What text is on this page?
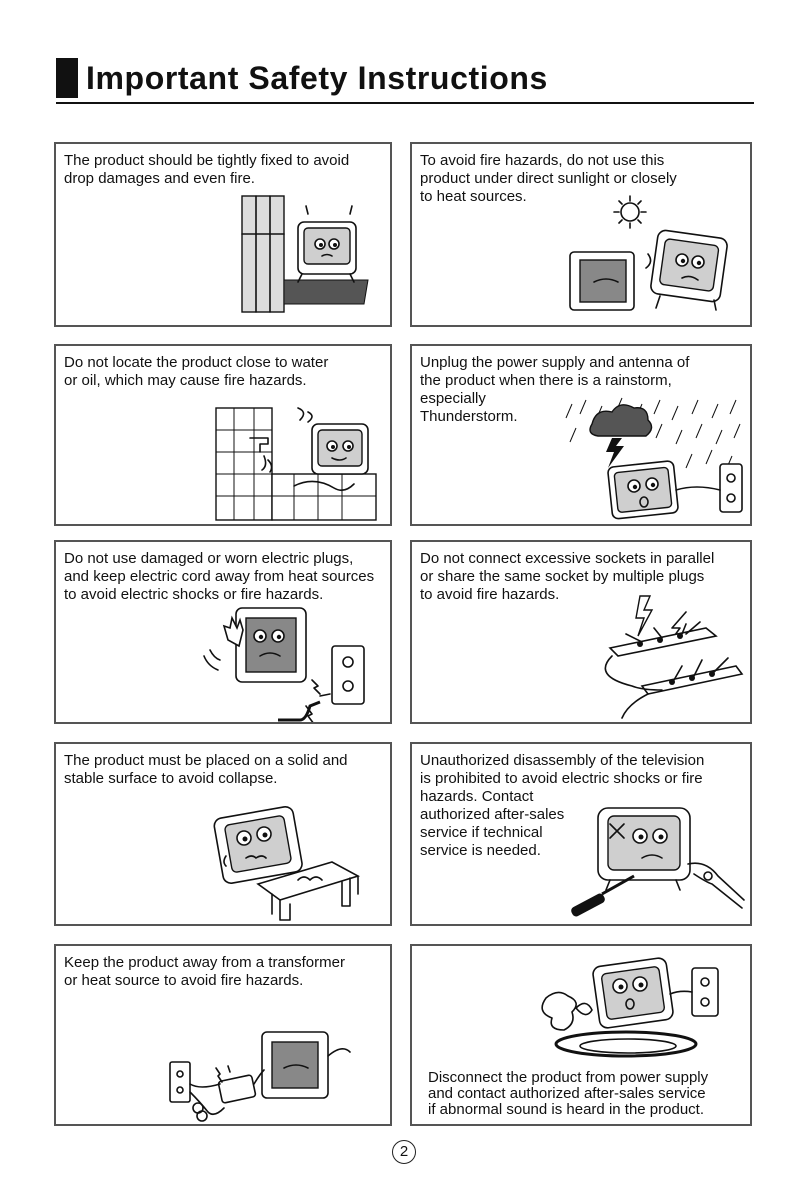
Important Safety Instructions
The product should be tightly fixed to avoid
drop damages and even fire.
To avoid fire hazards, do not use this
product under direct sunlight or closely
to heat sources.
Do not locate the product close to water
or oil, which may cause fire hazards.
Unplug the power supply and antenna of
the product when there is a rainstorm,
especially
Thunderstorm.
Do not use damaged or worn electric plugs,
and keep electric cord away from heat sources
to avoid electric shocks or fire hazards.
Do not connect excessive sockets in parallel
or share the same socket by multiple plugs
to avoid fire hazards.
The product must be placed on a solid and
stable surface to avoid collapse.
Unauthorized disassembly of the television
is prohibited to avoid electric shocks or fire
hazards. Contact
authorized after-sales
service if technical
service is needed.
Keep the product away from a transformer
or heat source to avoid fire hazards.
Disconnect the product from power supply
and contact authorized after-sales service
if abnormal sound is heard in the product.
2
